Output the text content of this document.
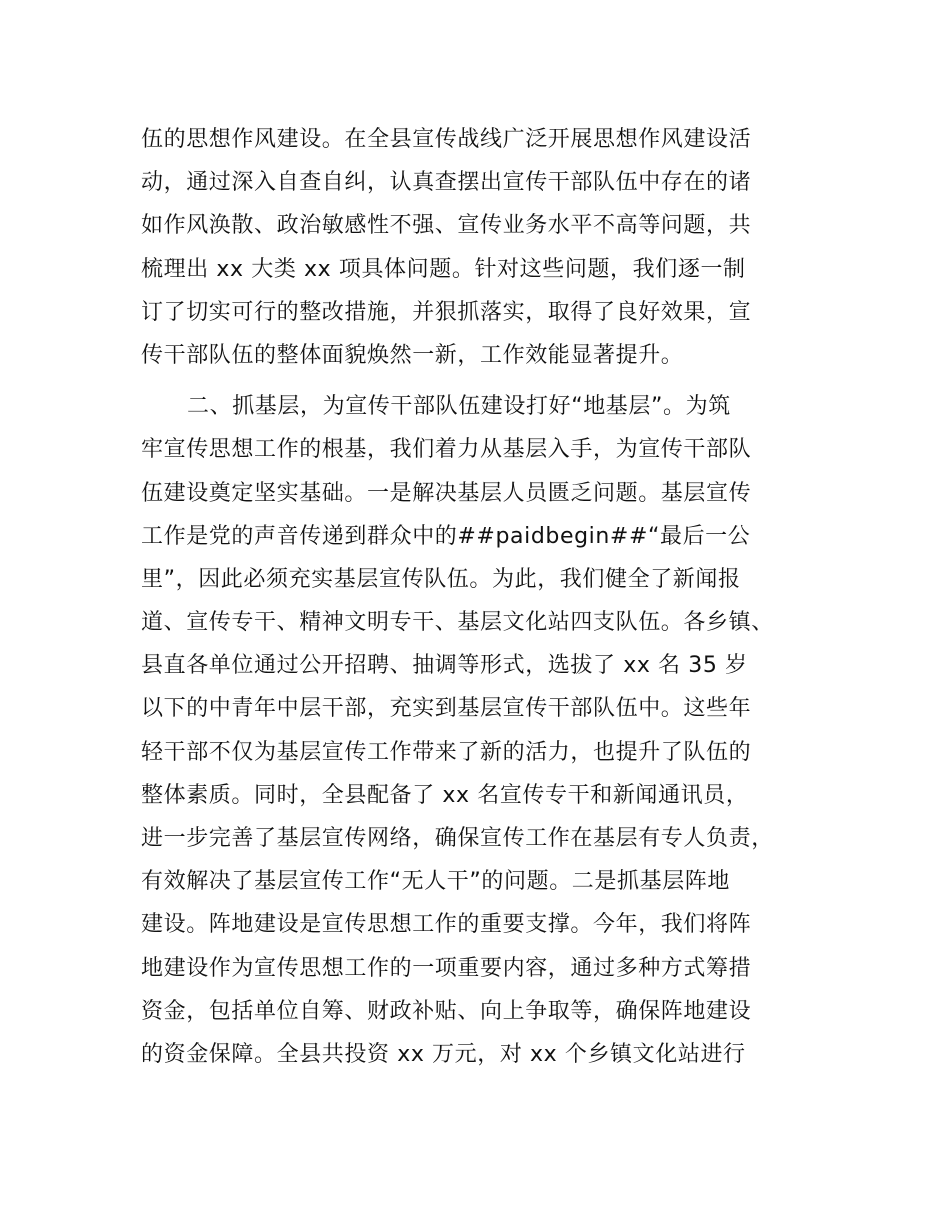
伍的思想作风建设。在全县宣传战线广泛开展思想作风建设活
动，通过深入自查自纠，认真查摆出宣传干部队伍中存在的诸
如作风涣散、政治敏感性不强、宣传业务水平不高等问题，共
梳理出 xx 大类 xx 项具体问题。针对这些问题，我们逐一制
订了切实可行的整改措施，并狠抓落实，取得了良好效果，宣
传干部队伍的整体面貌焕然一新，工作效能显著提升。
二、抓基层，为宣传干部队伍建设打好“地基层”。为筑
牢宣传思想工作的根基，我们着力从基层入手，为宣传干部队
伍建设奠定坚实基础。一是解决基层人员匮乏问题。基层宣传
工作是党的声音传递到群众中的##paidbegin##“最后一公
里”，因此必须充实基层宣传队伍。为此，我们健全了新闻报
道、宣传专干、精神文明专干、基层文化站四支队伍。各乡镇、
县直各单位通过公开招聘、抽调等形式，选拔了 xx 名 35 岁
以下的中青年中层干部，充实到基层宣传干部队伍中。这些年
轻干部不仅为基层宣传工作带来了新的活力，也提升了队伍的
整体素质。同时，全县配备了 xx 名宣传专干和新闻通讯员，
进一步完善了基层宣传网络，确保宣传工作在基层有专人负责，
有效解决了基层宣传工作“无人干”的问题。二是抓基层阵地
建设。阵地建设是宣传思想工作的重要支撑。今年，我们将阵
地建设作为宣传思想工作的一项重要内容，通过多种方式筹措
资金，包括单位自筹、财政补贴、向上争取等，确保阵地建设
的资金保障。全县共投资 xx 万元，对 xx 个乡镇文化站进行
